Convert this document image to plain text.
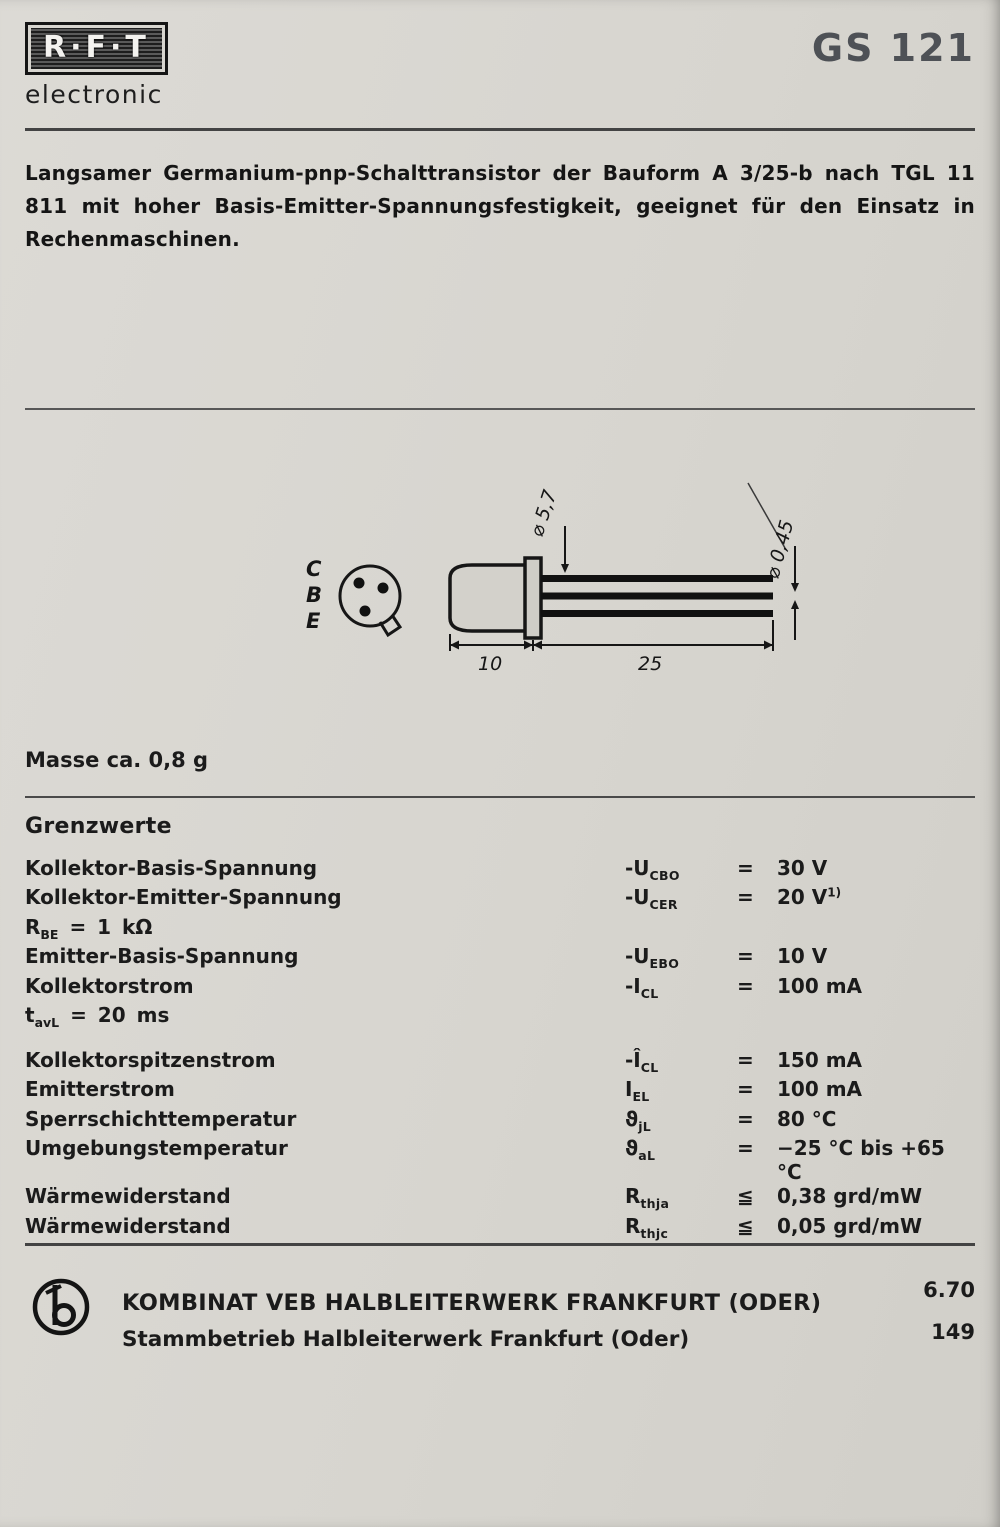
R·F·T
electronic
GS 121

Langsamer Germanium-pnp-Schalttransistor der Bauform A 3/25-b nach TGL 11 811 mit hoher Basis-Emitter-Spannungsfestigkeit, geeignet für den Einsatz in Rechenmaschinen.

C
B
E
⌀ 5,7
⌀ 0,45
10	25
Masse ca. 0,8 g
Grenzwerte
Kollektor-Basis-Spannung	$-U_{CBO}$	=	30 V
Kollektor-Emitter-Spannung	$-U_{CER}$	=	20 $V^{1)}$
$R_{BE} = 1$ kΩ
Emitter-Basis-Spannung	$-U_{EBO}$	=	10 V
Kollektorstrom	$-I_{CL}$	=	100 mA
$t_{avL} = 20$ ms
Kollektorspitzenstrom	$-Î_{CL}$	=	150 mA
Emitterstrom	$I_{EL}$	=	100 mA
Sperrschichttemperatur	$ϑ_{jL}$	=	80 °C
Umgebungstemperatur	$ϑ_{aL}$	=	−25 °C bis +65 °C
Wärmewiderstand	$R_{thja}$	≦	0,38 grd/mW
Wärmewiderstand	$R_{thjc}$	≦	0,05 grd/mW
KOMBINAT VEB HALBLEITERWERK FRANKFURT (ODER)
Stammbetrieb Halbleiterwerk Frankfurt (Oder)
6.70
149
